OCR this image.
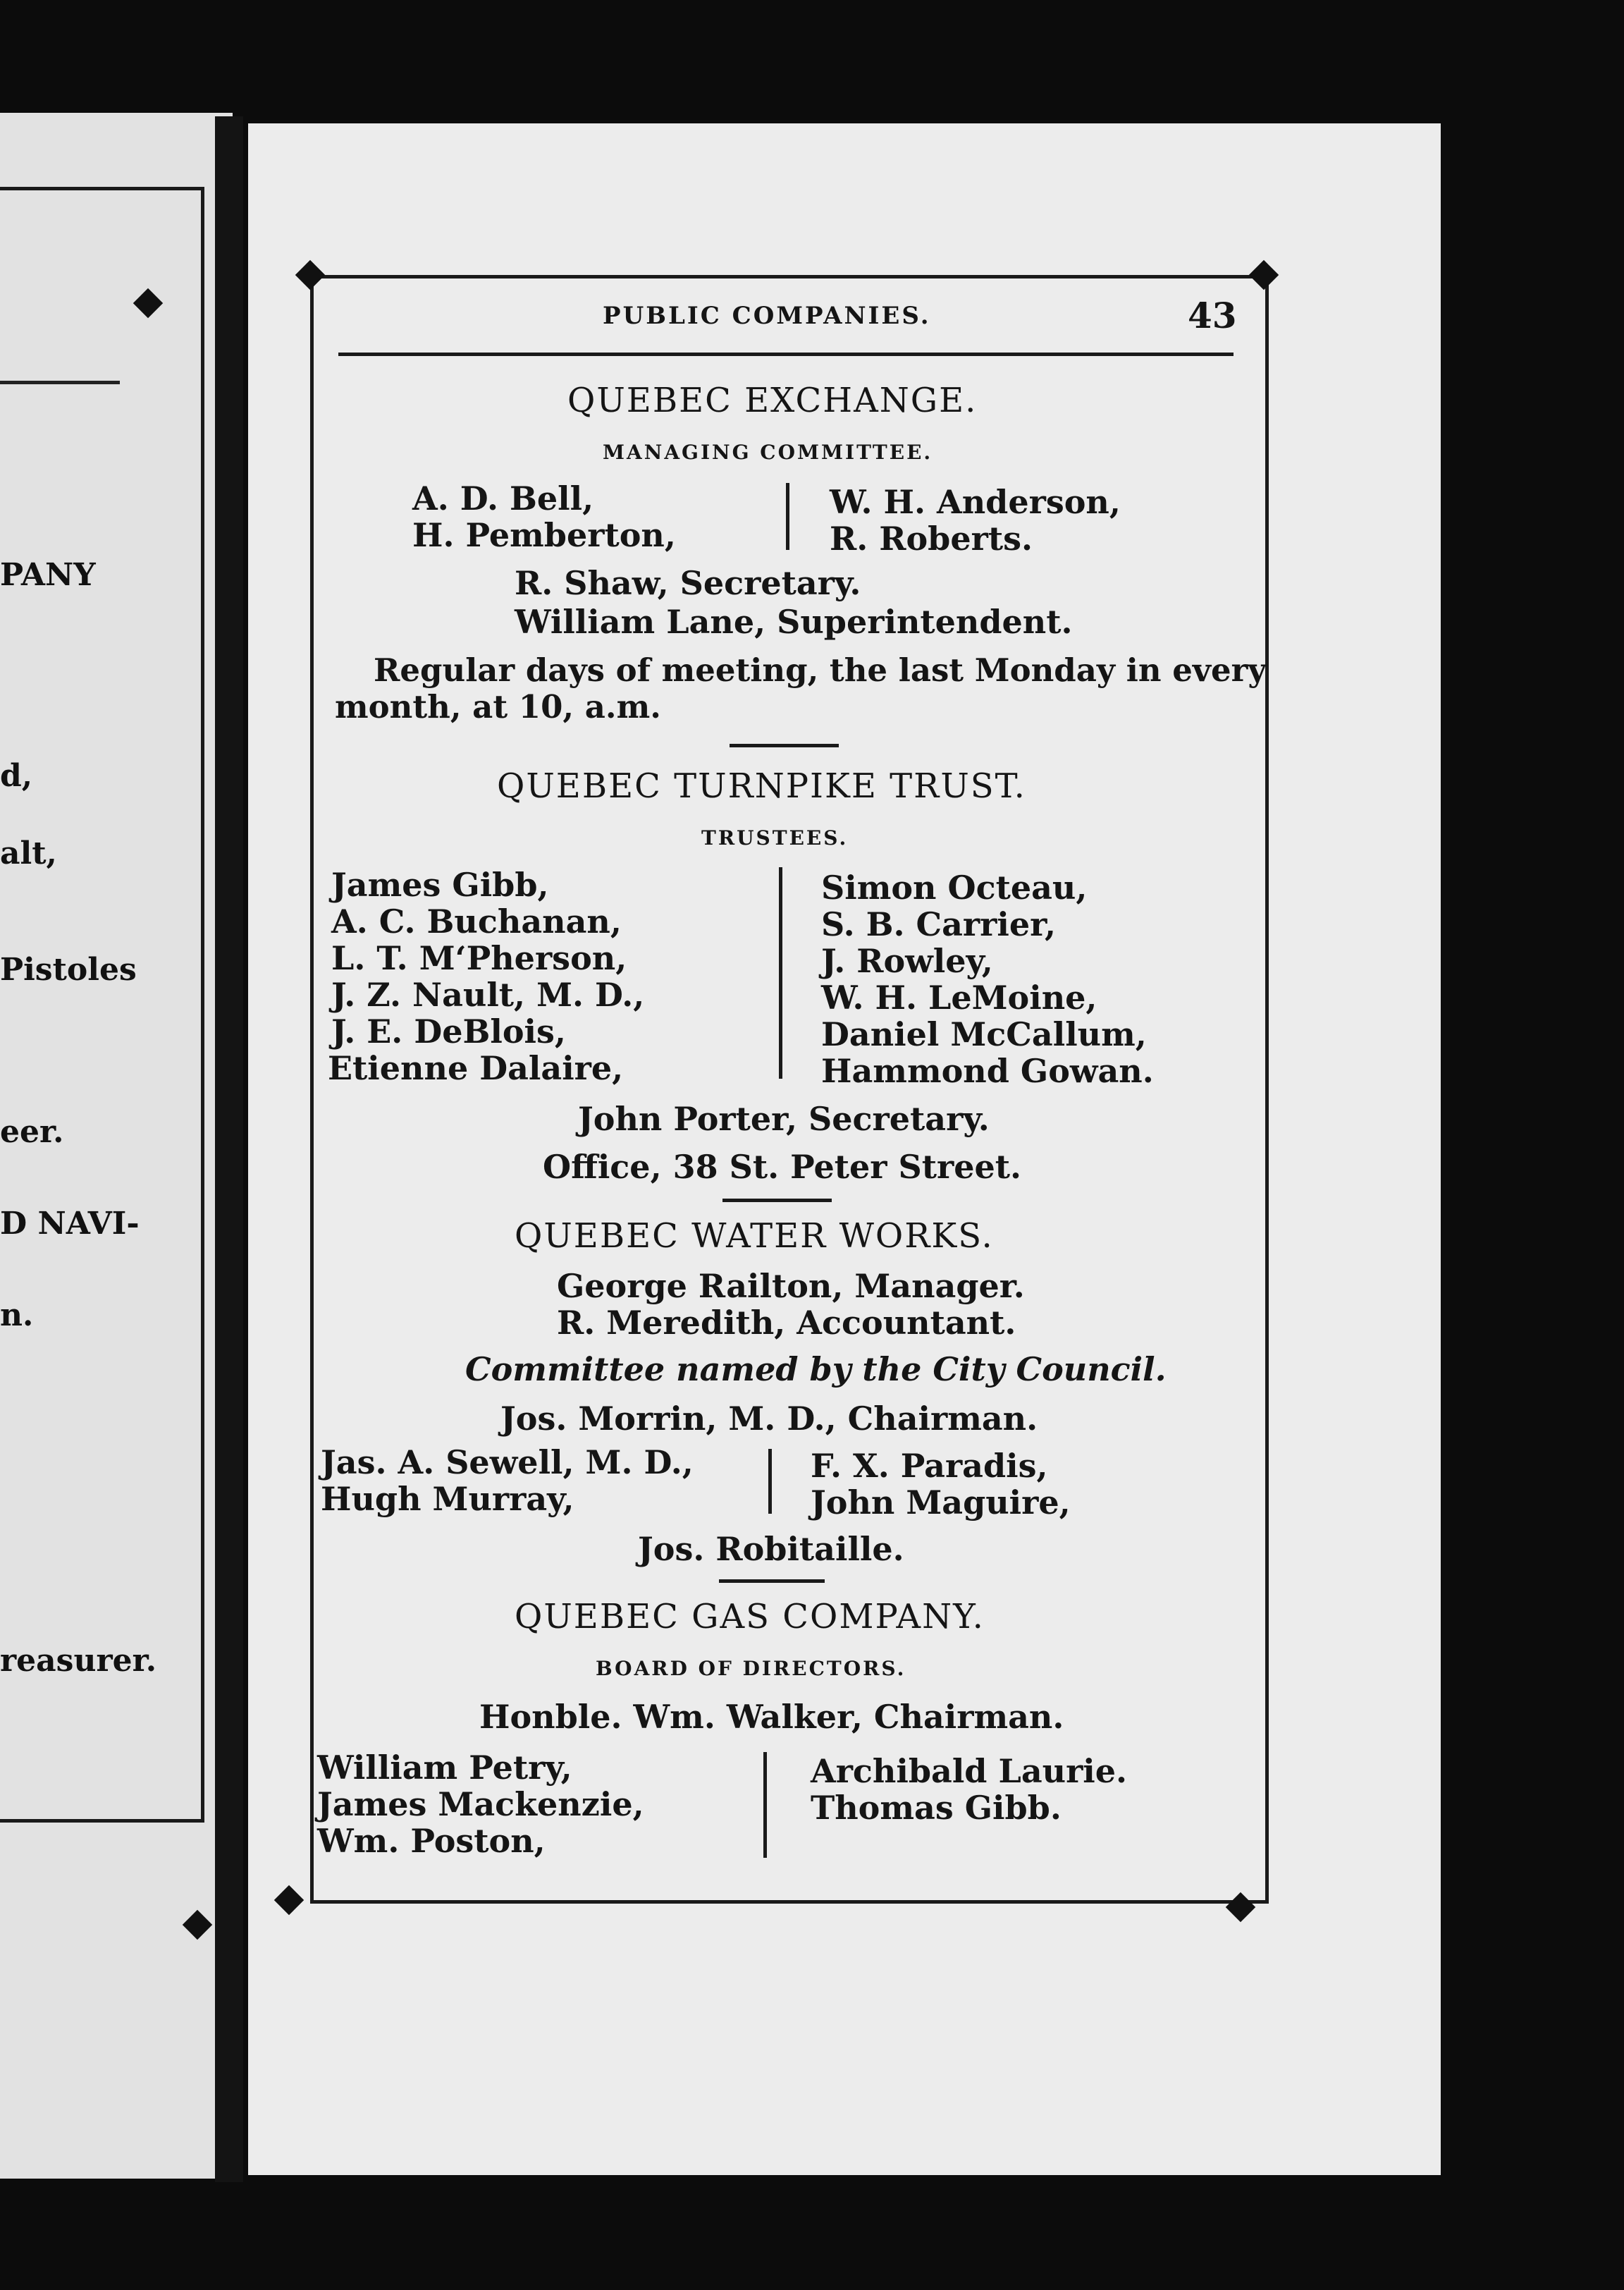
PANY
d,
alt,
Pistoles
eer.
D NAVI-
n.
reasurer.
PUBLIC COMPANIES.	43
QUEBEC EXCHANGE.
MANAGING COMMITTEE.
A. D. Bell,
H. Pemberton,
W. H. Anderson,
R. Roberts.
R. Shaw, Secretary.
William Lane, Superintendent.
Regular days of meeting, the last Monday in every
month, at 10, a.m.
QUEBEC TURNPIKE TRUST.
TRUSTEES.
James Gibb,
A. C. Buchanan,
L. T. M‘Pherson,
J. Z. Nault, M. D.,
J. E. DeBlois,
Etienne Dalaire,
Simon Octeau,
S. B. Carrier,
J. Rowley,
W. H. LeMoine,
Daniel McCallum,
Hammond Gowan.
John Porter, Secretary.
Office, 38 St. Peter Street.
QUEBEC WATER WORKS.
George Railton, Manager.
R. Meredith, Accountant.
Committee named by the City Council.
Jos. Morrin, M. D., Chairman.
Jas. A. Sewell, M. D.,
Hugh Murray,
F. X. Paradis,
John Maguire,
Jos. Robitaille.
QUEBEC GAS COMPANY.
BOARD OF DIRECTORS.
Honble. Wm. Walker, Chairman.
William Petry,
James Mackenzie,
Wm. Poston,
Archibald Laurie.
Thomas Gibb.
